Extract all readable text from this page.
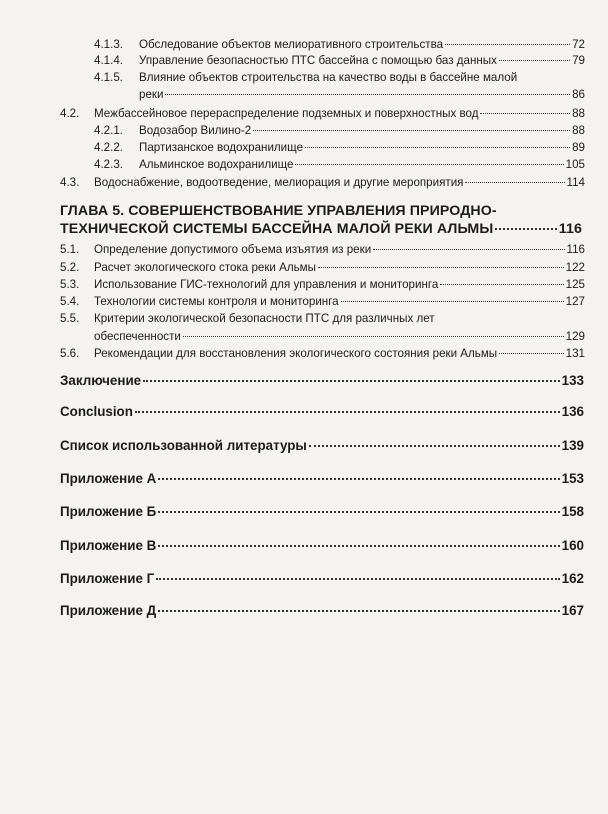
4.1.3. Обследование объектов мелиоративного строительства	72
4.1.4. Управление безопасностью ПТС бассейна с помощью баз данных	79
4.1.5. Влияние объектов строительства на качество воды в бассейне малой
реки	86
4.2. Межбассейновое перераспределение подземных и поверхностных вод	88
4.2.1. Водозабор Вилино-2	88
4.2.2. Партизанское водохранилище	89
4.2.3. Альминское водохранилище	105
4.3. Водоснабжение, водоотведение, мелиорация и другие мероприятия	114
ГЛАВА 5. СОВЕРШЕНСТВОВАНИЕ УПРАВЛЕНИЯ ПРИРОДНО-
ТЕХНИЧЕСКОЙ СИСТЕМЫ БАССЕЙНА МАЛОЙ РЕКИ АЛЬМЫ	116
5.1. Определение допустимого объема изъятия из реки	116
5.2. Расчет экологического стока реки Альмы	122
5.3. Использование ГИС-технологий для управления и мониторинга	125
5.4. Технологии системы контроля и мониторинга	127
5.5. Критерии экологической безопасности ПТС для различных лет
обеспеченности	129
5.6. Рекомендации для восстановления экологического состояния реки Альмы	131
Заключение	133
Conclusion	136
Список использованной литературы	139
Приложение А	153
Приложение Б	158
Приложение В	160
Приложение Г	162
Приложение Д	167
